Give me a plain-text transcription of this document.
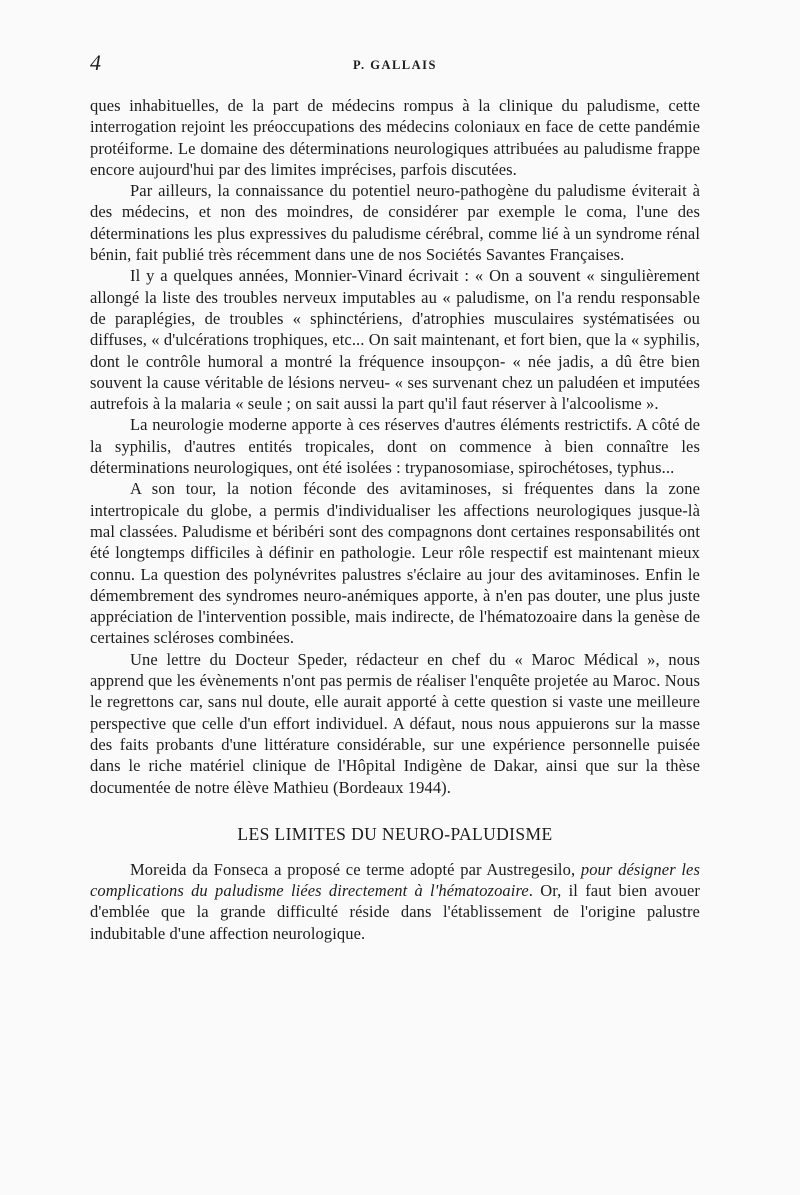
4	P. GALLAIS

ques inhabituelles, de la part de médecins rompus à la clinique du paludisme, cette interrogation rejoint les préoccupations des médecins coloniaux en face de cette pandémie protéiforme. Le domaine des déterminations neurologiques attribuées au paludisme frappe encore aujourd'hui par des limites imprécises, parfois discutées.

Par ailleurs, la connaissance du potentiel neuro-pathogène du paludisme éviterait à des médecins, et non des moindres, de considérer par exemple le coma, l'une des déterminations les plus expressives du paludisme cérébral, comme lié à un syndrome rénal bénin, fait publié très récemment dans une de nos Sociétés Savantes Françaises.

Il y a quelques années, Monnier-Vinard écrivait : « On a souvent « singulièrement allongé la liste des troubles nerveux imputables au « paludisme, on l'a rendu responsable de paraplégies, de troubles « sphinctériens, d'atrophies musculaires systématisées ou diffuses, « d'ulcérations trophiques, etc... On sait maintenant, et fort bien, que la « syphilis, dont le contrôle humoral a montré la fréquence insoupçon- « née jadis, a dû être bien souvent la cause véritable de lésions nerveu- « ses survenant chez un paludéen et imputées autrefois à la malaria « seule ; on sait aussi la part qu'il faut réserver à l'alcoolisme ».

La neurologie moderne apporte à ces réserves d'autres éléments restrictifs. A côté de la syphilis, d'autres entités tropicales, dont on commence à bien connaître les déterminations neurologiques, ont été isolées : trypanosomiase, spirochétoses, typhus...

A son tour, la notion féconde des avitaminoses, si fréquentes dans la zone intertropicale du globe, a permis d'individualiser les affections neurologiques jusque-là mal classées. Paludisme et béribéri sont des compagnons dont certaines responsabilités ont été longtemps difficiles à définir en pathologie. Leur rôle respectif est maintenant mieux connu. La question des polynévrites palustres s'éclaire au jour des avitaminoses. Enfin le démembrement des syndromes neuro-anémiques apporte, à n'en pas douter, une plus juste appréciation de l'intervention possible, mais indirecte, de l'hématozoaire dans la genèse de certaines scléroses combinées.

Une lettre du Docteur Speder, rédacteur en chef du « Maroc Médical », nous apprend que les évènements n'ont pas permis de réaliser l'enquête projetée au Maroc. Nous le regrettons car, sans nul doute, elle aurait apporté à cette question si vaste une meilleure perspective que celle d'un effort individuel. A défaut, nous nous appuierons sur la masse des faits probants d'une littérature considérable, sur une expérience personnelle puisée dans le riche matériel clinique de l'Hôpital Indigène de Dakar, ainsi que sur la thèse documentée de notre élève Mathieu (Bordeaux 1944).

LES LIMITES DU NEURO-PALUDISME

Moreida da Fonseca a proposé ce terme adopté par Austregesilo, pour désigner les complications du paludisme liées directement à l'hématozoaire. Or, il faut bien avouer d'emblée que la grande difficulté réside dans l'établissement de l'origine palustre indubitable d'une affection neurologique.
